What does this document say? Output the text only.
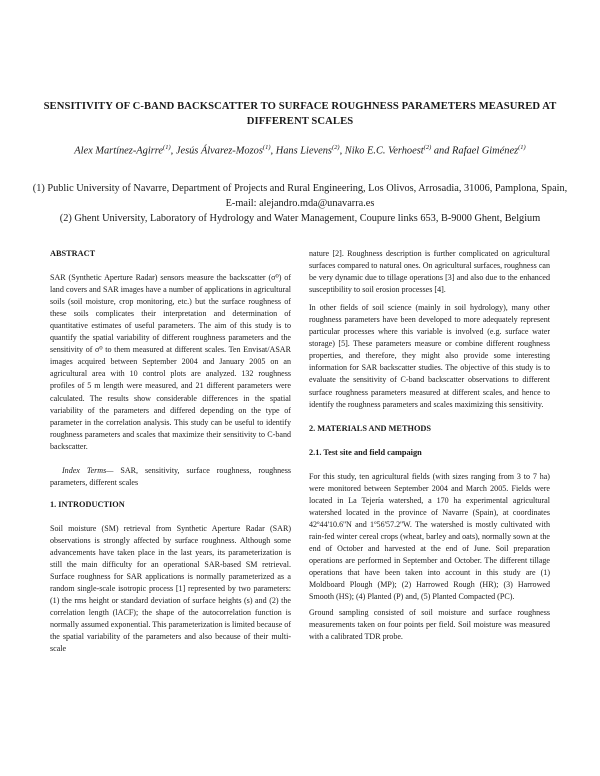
SENSITIVITY OF C-BAND BACKSCATTER TO SURFACE ROUGHNESS PARAMETERS MEASURED AT DIFFERENT SCALES
Alex Martínez-Agirre$^{(1)}$, Jesús Álvarez-Mozos$^{(1)}$, Hans Lievens$^{(2)}$, Niko E.C. Verhoest$^{(2)}$ and Rafael Giménez$^{(1)}$
(1) Public University of Navarre, Department of Projects and Rural Engineering, Los Olivos, Arrosadia, 31006, Pamplona, Spain, E-mail: alejandro.mda@unavarra.es
(2) Ghent University, Laboratory of Hydrology and Water Management, Coupure links 653, B-9000 Ghent, Belgium

ABSTRACT

SAR (Synthetic Aperture Radar) sensors measure the backscatter (σ⁰) of land covers and SAR images have a number of applications in agricultural soils (soil moisture, crop monitoring, etc.) but the surface roughness of these soils complicates their interpretation and determination of quantitative estimates of useful parameters. The aim of this study is to quantify the spatial variability of different roughness parameters and the sensitivity of σ⁰ to them measured at different scales. Ten Envisat/ASAR images acquired between September 2004 and January 2005 on an agricultural area with 10 control plots are analyzed. 132 roughness profiles of 5 m length were measured, and 21 different parameters were calculated. The results show considerable differences in the spatial variability of the parameters and differed depending on the type of parameter in the correlation analysis. This study can be useful to identify roughness parameters and scales that maximize their sensitivity to C-band backscatter.

Index Terms— SAR, sensitivity, surface roughness, roughness parameters, different scales

1. INTRODUCTION

Soil moisture (SM) retrieval from Synthetic Aperture Radar (SAR) observations is strongly affected by surface roughness. Although some advancements have taken place in the last years, its parameterization is still the main difficulty for an operational SAR-based SM retrieval. Surface roughness for SAR applications is normally parameterized as a random single-scale isotropic process [1] represented by two parameters: (1) the rms height or standard deviation of surface heights (s) and (2) the correlation length (lACF); the shape of the autocorrelation function is normally assumed exponential. This parameterization is limited because of the spatial variability of the parameters and also because of their multi-scale

nature [2]. Roughness description is further complicated on agricultural surfaces compared to natural ones. On agricultural surfaces, roughness can be very dynamic due to tillage operations [3] and also due to the enhanced susceptibility to soil erosion processes [4].

In other fields of soil science (mainly in soil hydrology), many other roughness parameters have been developed to more adequately represent particular processes where this variable is involved (e.g. surface water storage) [5]. These parameters measure or combine different roughness properties, and therefore, they might also provide some interesting information for SAR backscatter studies. The objective of this study is to evaluate the sensitivity of C-band backscatter observations to different surface roughness parameters measured at different scales, and hence to identify the roughness parameters and scales maximizing this sensitivity.

2. MATERIALS AND METHODS

2.1. Test site and field campaign

For this study, ten agricultural fields (with sizes ranging from 3 to 7 ha) were monitored between September 2004 and March 2005. Fields were located in La Tejería watershed, a 170 ha experimental agricultural watershed located in the province of Navarre (Spain), at coordinates 42º44'10.6''N and 1º56'57.2''W. The watershed is mostly cultivated with rain-fed winter cereal crops (wheat, barley and oats), normally sown at the end of October and harvested at the end of June. Soil preparation operations are performed in September and October. The different tillage operations that have been taken into account in this study are (1) Moldboard Plough (MP); (2) Harrowed Rough (HR); (3) Harrowed Smooth (HS); (4) Planted (P) and, (5) Planted Compacted (PC).

Ground sampling consisted of soil moisture and surface roughness measurements taken on four points per field. Soil moisture was measured with a calibrated TDR probe.
